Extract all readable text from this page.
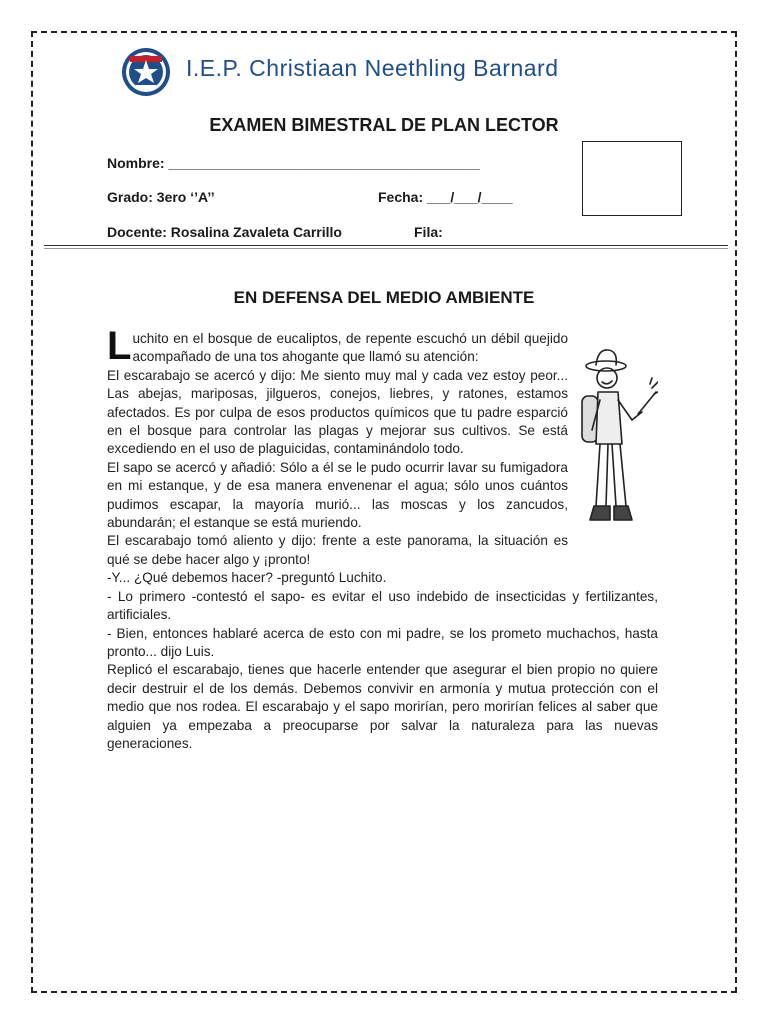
I.E.P. Christiaan Neethling Barnard
EXAMEN BIMESTRAL DE PLAN LECTOR
Nombre: ________________________________________
Grado: 3ero ‘’A’’	Fecha: ___/___/____
Docente: Rosalina Zavaleta Carrillo	Fila:
EN DEFENSA DEL MEDIO AMBIENTE

Luchito en el bosque de eucaliptos, de repente escuchó un débil quejido acompañado de una tos ahogante que llamó su atención:

El escarabajo se acercó y dijo: Me siento muy mal y cada vez estoy peor... Las abejas, mariposas, jilgueros, conejos, liebres, y ratones, estamos afectados. Es por culpa de esos productos químicos que tu padre esparció en el bosque para controlar las plagas y mejorar sus cultivos. Se está excediendo en el uso de plaguicidas, contaminándolo todo.

El sapo se acercó y añadió: Sólo a él se le pudo ocurrir lavar su fumigadora en mi estanque, y de esa manera envenenar el agua; sólo unos cuántos pudimos escapar, la mayoría murió... las moscas y los zancudos, abundarán; el estanque se está muriendo.

El escarabajo tomó aliento y dijo: frente a este panorama, la situación es qué se debe hacer algo y ¡pronto!

-Y... ¿Qué debemos hacer? -preguntó Luchito.

- Lo primero -contestó el sapo- es evitar el uso indebido de insecticidas y fertilizantes, artificiales.

- Bien, entonces hablaré acerca de esto con mi padre, se los prometo muchachos, hasta pronto... dijo Luis.

Replicó el escarabajo, tienes que hacerle entender que asegurar el bien propio no quiere decir destruir el de los demás. Debemos convivir en armonía y mutua protección con el medio que nos rodea. El escarabajo y el sapo morirían, pero morirían felices al saber que alguien ya empezaba a preocuparse por salvar la naturaleza para las nuevas generaciones.
